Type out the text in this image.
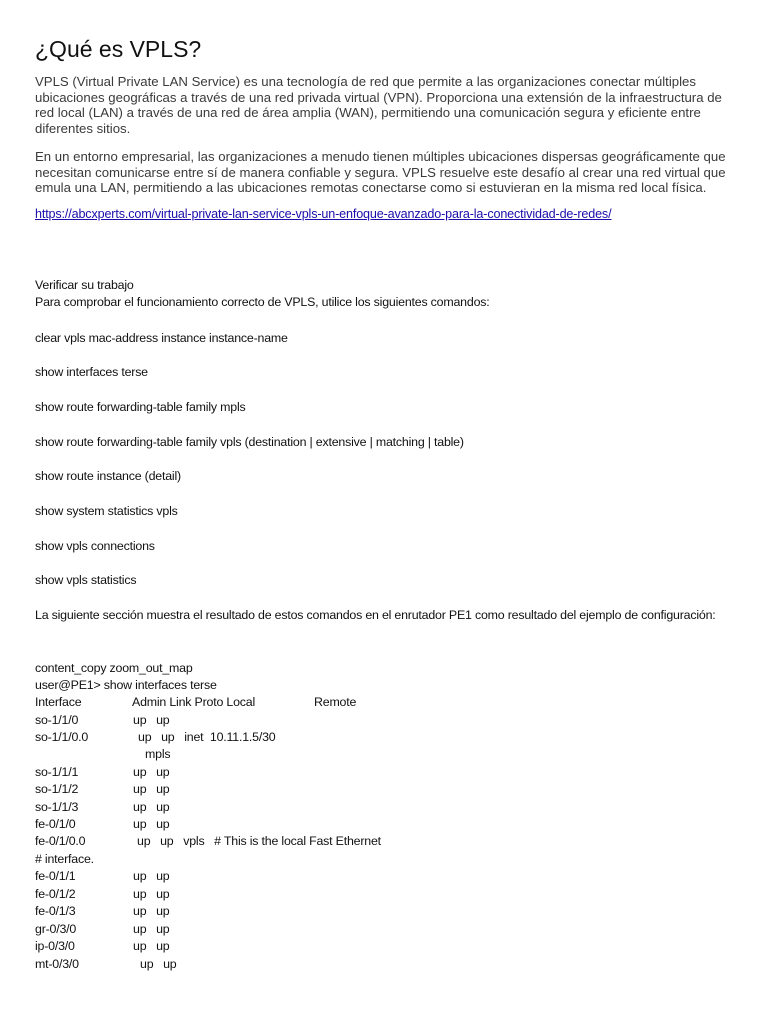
¿Qué es VPLS?

VPLS (Virtual Private LAN Service) es una tecnología de red que permite a las organizaciones conectar múltiples ubicaciones geográficas a través de una red privada virtual (VPN). Proporciona una extensión de la infraestructura de red local (LAN) a través de una red de área amplia (WAN), permitiendo una comunicación segura y eficiente entre diferentes sitios.

En un entorno empresarial, las organizaciones a menudo tienen múltiples ubicaciones dispersas geográficamente que necesitan comunicarse entre sí de manera confiable y segura. VPLS resuelve este desafío al crear una red virtual que emula una LAN, permitiendo a las ubicaciones remotas conectarse como si estuvieran en la misma red local física.

https://abcxperts.com/virtual-private-lan-service-vpls-un-enfoque-avanzado-para-la-conectividad-de-redes/
Verificar su trabajo
Para comprobar el funcionamiento correcto de VPLS, utilice los siguientes comandos:
clear vpls mac-address instance instance-name
show interfaces terse
show route forwarding-table family mpls
show route forwarding-table family vpls (destination | extensive | matching | table)
show route instance (detail)
show system statistics vpls
show vpls connections
show vpls statistics

La siguiente sección muestra el resultado de estos comandos en el enrutador PE1 como resultado del ejemplo de configuración:

content_copy zoom_out_map
user@PE1> show interfaces terse
Interface	Admin Link Proto Local	Remote
so-1/1/0	up   up
so-1/1/0.0	up   up   inet  10.11.1.5/30
mpls
so-1/1/1	up   up
so-1/1/2	up   up
so-1/1/3	up   up
fe-0/1/0	up   up
fe-0/1/0.0	up   up   vpls   # This is the local Fast Ethernet
# interface.
fe-0/1/1	up   up
fe-0/1/2	up   up
fe-0/1/3	up   up
gr-0/3/0	up   up
ip-0/3/0	up   up
mt-0/3/0	up   up
